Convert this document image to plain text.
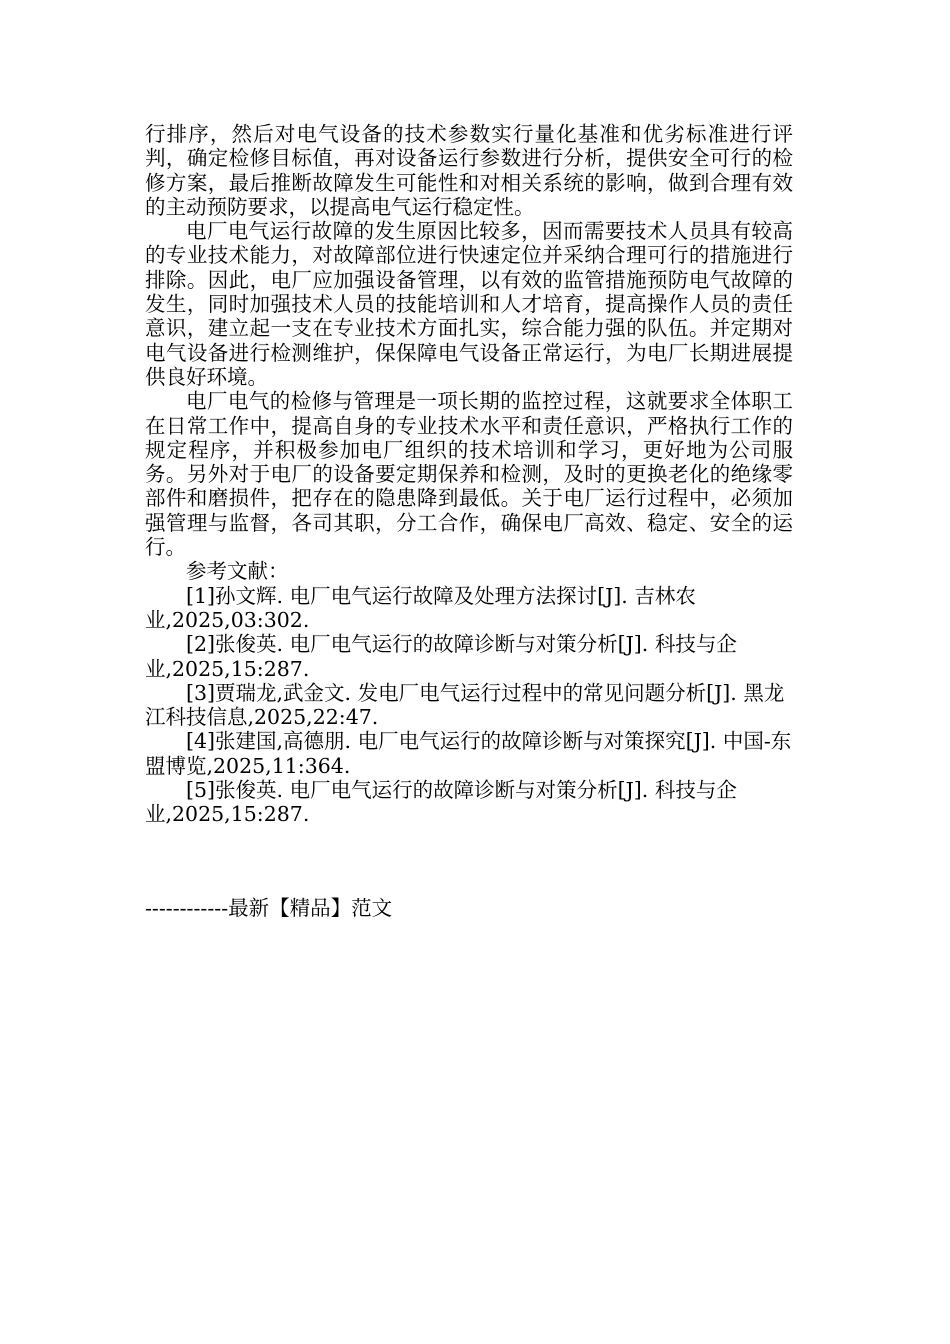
行排序，然后对电气设备的技术参数实行量化基准和优劣标准进行评判，确定检修目标值，再对设备运行参数进行分析，提供安全可行的检修方案，最后推断故障发生可能性和对相关系统的影响，做到合理有效的主动预防要求，以提高电气运行稳定性。

电厂电气运行故障的发生原因比较多，因而需要技术人员具有较高的专业技术能力，对故障部位进行快速定位并采纳合理可行的措施进行排除。因此，电厂应加强设备管理，以有效的监管措施预防电气故障的发生，同时加强技术人员的技能培训和人才培育，提高操作人员的责任意识，建立起一支在专业技术方面扎实，综合能力强的队伍。并定期对电气设备进行检测维护，保保障电气设备正常运行，为电厂长期进展提供良好环境。

电厂电气的检修与管理是一项长期的监控过程，这就要求全体职工在日常工作中，提高自身的专业技术水平和责任意识，严格执行工作的规定程序，并积极参加电厂组织的技术培训和学习，更好地为公司服务。另外对于电厂的设备要定期保养和检测，及时的更换老化的绝缘零部件和磨损件，把存在的隐患降到最低。关于电厂运行过程中，必须加强管理与监督，各司其职，分工合作，确保电厂高效、稳定、安全的运行。

参考文献：

[1]孙文辉. 电厂电气运行故障及处理方法探讨[J]. 吉林农业,2025,03:302.

[2]张俊英. 电厂电气运行的故障诊断与对策分析[J]. 科技与企业,2025,15:287.

[3]贾瑞龙,武金文. 发电厂电气运行过程中的常见问题分析[J]. 黑龙江科技信息,2025,22:47.

[4]张建国,高德朋. 电厂电气运行的故障诊断与对策探究[J]. 中国-东盟博览,2025,11:364.

[5]张俊英. 电厂电气运行的故障诊断与对策分析[J]. 科技与企业,2025,15:287.

------------最新【精品】范文
